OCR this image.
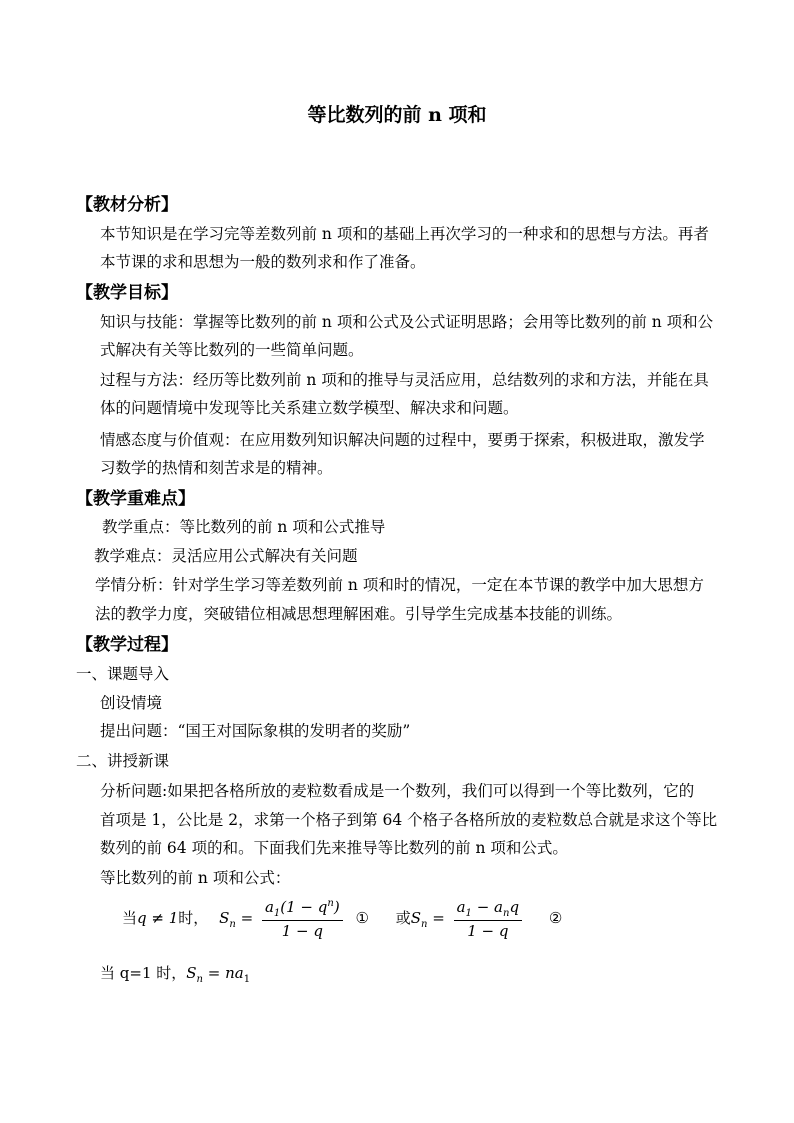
等比数列的前 n 项和
【教材分析】
本节知识是在学习完等差数列前 n 项和的基础上再次学习的一种求和的思想与方法。再者
本节课的求和思想为一般的数列求和作了准备。
【教学目标】
知识与技能：掌握等比数列的前 n 项和公式及公式证明思路；会用等比数列的前 n 项和公
式解决有关等比数列的一些简单问题。
过程与方法：经历等比数列前 n 项和的推导与灵活应用，总结数列的求和方法，并能在具
体的问题情境中发现等比关系建立数学模型、解决求和问题。
情感态度与价值观：在应用数列知识解决问题的过程中，要勇于探索，积极进取，激发学
习数学的热情和刻苦求是的精神。
【教学重难点】
教学重点：等比数列的前 n 项和公式推导
教学难点：灵活应用公式解决有关问题
学情分析：针对学生学习等差数列前 n 项和时的情况，一定在本节课的教学中加大思想方
法的教学力度，突破错位相减思想理解困难。引导学生完成基本技能的训练。
【教学过程】
一、课题导入
创设情境
提出问题：“国王对国际象棋的发明者的奖励”
二、讲授新课
分析问题:如果把各格所放的麦粒数看成是一个数列，我们可以得到一个等比数列，它的
首项是 1，公比是 2，求第一个格子到第 64 个格子各格所放的麦粒数总合就是求这个等比
数列的前 64 项的和。下面我们先来推导等比数列的前 n 项和公式。
等比数列的前 n 项和公式：
当q ≠ 1时， $S_n = \frac{a_1(1 - q^n)}{1 - q}$ ① 或$S_n = \frac{a_1 - a_nq}{1 - q}$ ②
当 q=1 时，$S_n = na_1$
